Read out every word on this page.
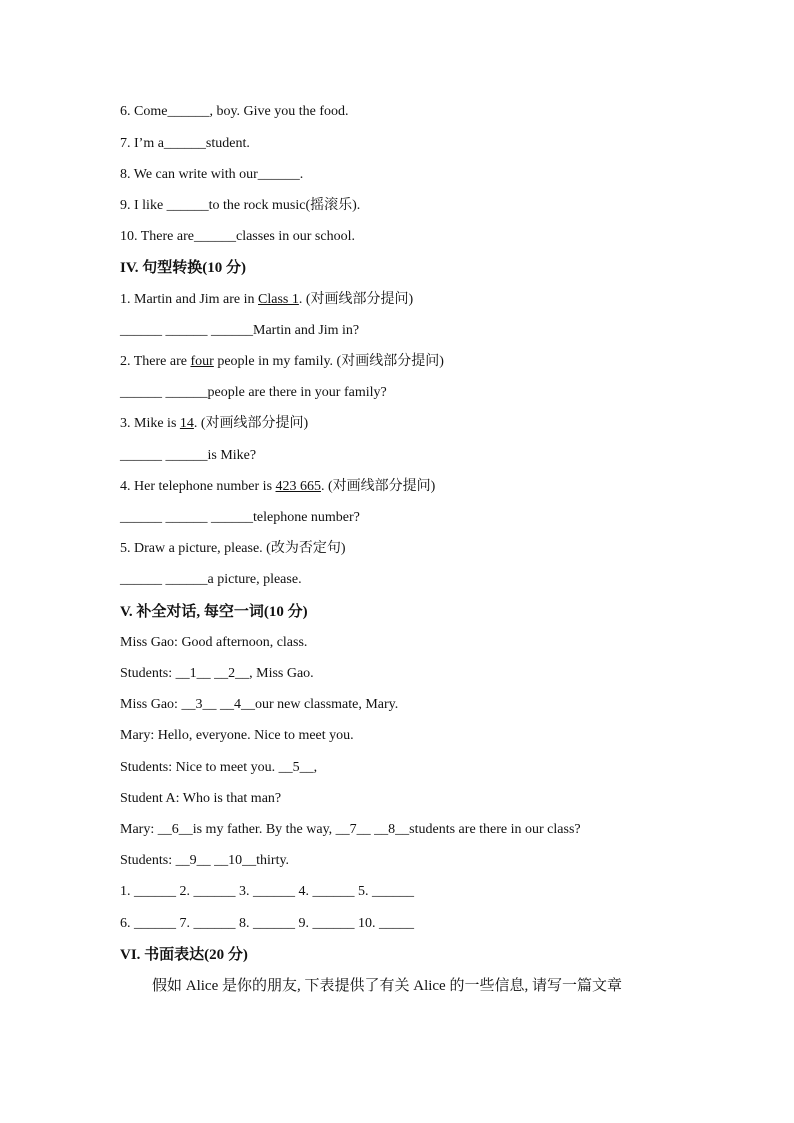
6. Come______, boy. Give you the food.
7. I’m a______student.
8. We can write with our______.
9. I like ______to the rock music(摇滚乐).
10. There are______classes in our school.
IV. 句型转换(10 分)
1. Martin and Jim are in Class 1. (对画线部分提问)
______ ______ ______Martin and Jim in?
2. There are four people in my family. (对画线部分提问)
______ ______people are there in your family?
3. Mike is 14. (对画线部分提问)
______ ______is Mike?
4. Her telephone number is 423 665. (对画线部分提问)
______ ______ ______telephone number?
5. Draw a picture, please. (改为否定句)
______ ______a picture, please.
V. 补全对话, 每空一词(10 分)
Miss Gao: Good afternoon, class.
Students: __1__ __2__, Miss Gao.
Miss Gao: __3__ __4__our new classmate, Mary.
Mary: Hello, everyone. Nice to meet you.
Students: Nice to meet you. __5__,
Student A: Who is that man?
Mary: __6__is my father. By the way, __7__ __8__students are there in our class?
Students: __9__ __10__thirty.
1. ______ 2. ______ 3. ______ 4. ______ 5. ______
6. ______ 7. ______ 8. ______ 9. ______ 10. _____
VI. 书面表达(20 分)
假如 Alice 是你的朋友, 下表提供了有关 Alice 的一些信息, 请写一篇文章
